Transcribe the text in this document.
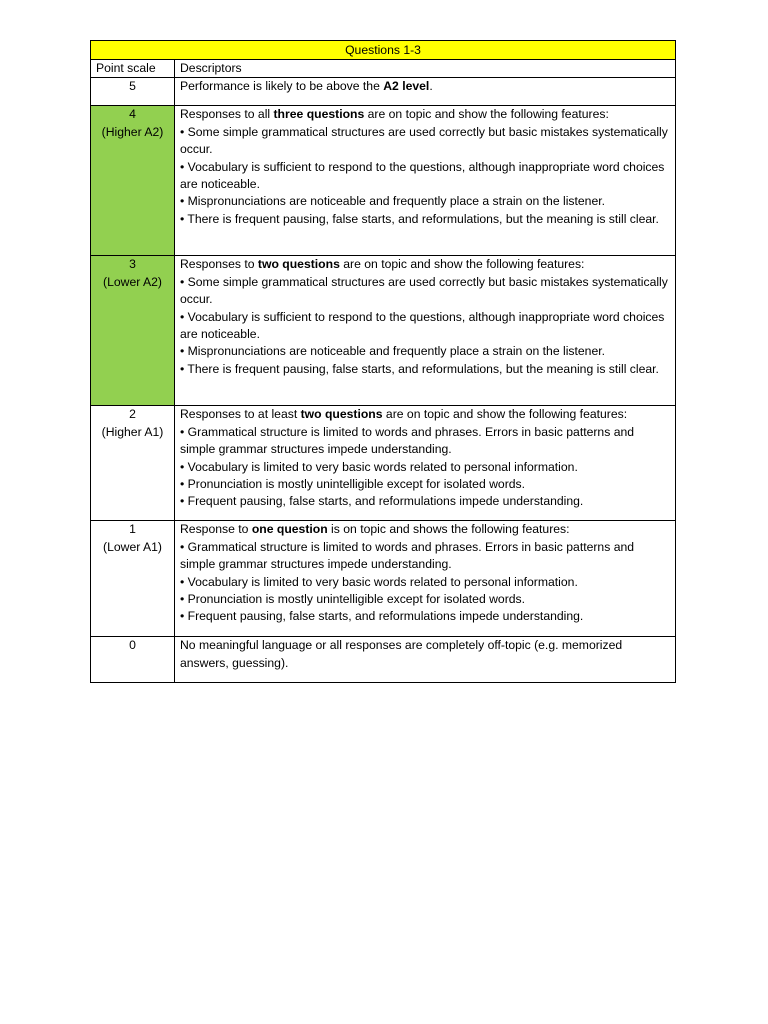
Questions 1-3	
Point scale	Descriptors

5	Performance is likely to be above the A2 level.

4
(Higher A2)	Responses to all three questions are on topic and show the following features:
• Some simple grammatical structures are used correctly but basic mistakes systematically occur.
• Vocabulary is sufficient to respond to the questions, although inappropriate word choices are noticeable.
• Mispronunciations are noticeable and frequently place a strain on the listener.
• There is frequent pausing, false starts, and reformulations, but the meaning is still clear.

3
(Lower A2)	Responses to two questions are on topic and show the following features:
• Some simple grammatical structures are used correctly but basic mistakes systematically occur.
• Vocabulary is sufficient to respond to the questions, although inappropriate word choices are noticeable.
• Mispronunciations are noticeable and frequently place a strain on the listener.
• There is frequent pausing, false starts, and reformulations, but the meaning is still clear.

2
(Higher A1)	Responses to at least two questions are on topic and show the following features:
• Grammatical structure is limited to words and phrases. Errors in basic patterns and simple grammar structures impede understanding.
• Vocabulary is limited to very basic words related to personal information.
• Pronunciation is mostly unintelligible except for isolated words.
• Frequent pausing, false starts, and reformulations impede understanding.

1
(Lower A1)	Response to one question is on topic and shows the following features:
• Grammatical structure is limited to words and phrases. Errors in basic patterns and simple grammar structures impede understanding.
• Vocabulary is limited to very basic words related to personal information.
• Pronunciation is mostly unintelligible except for isolated words.
• Frequent pausing, false starts, and reformulations impede understanding.

0	No meaningful language or all responses are completely off-topic (e.g. memorized answers, guessing).
